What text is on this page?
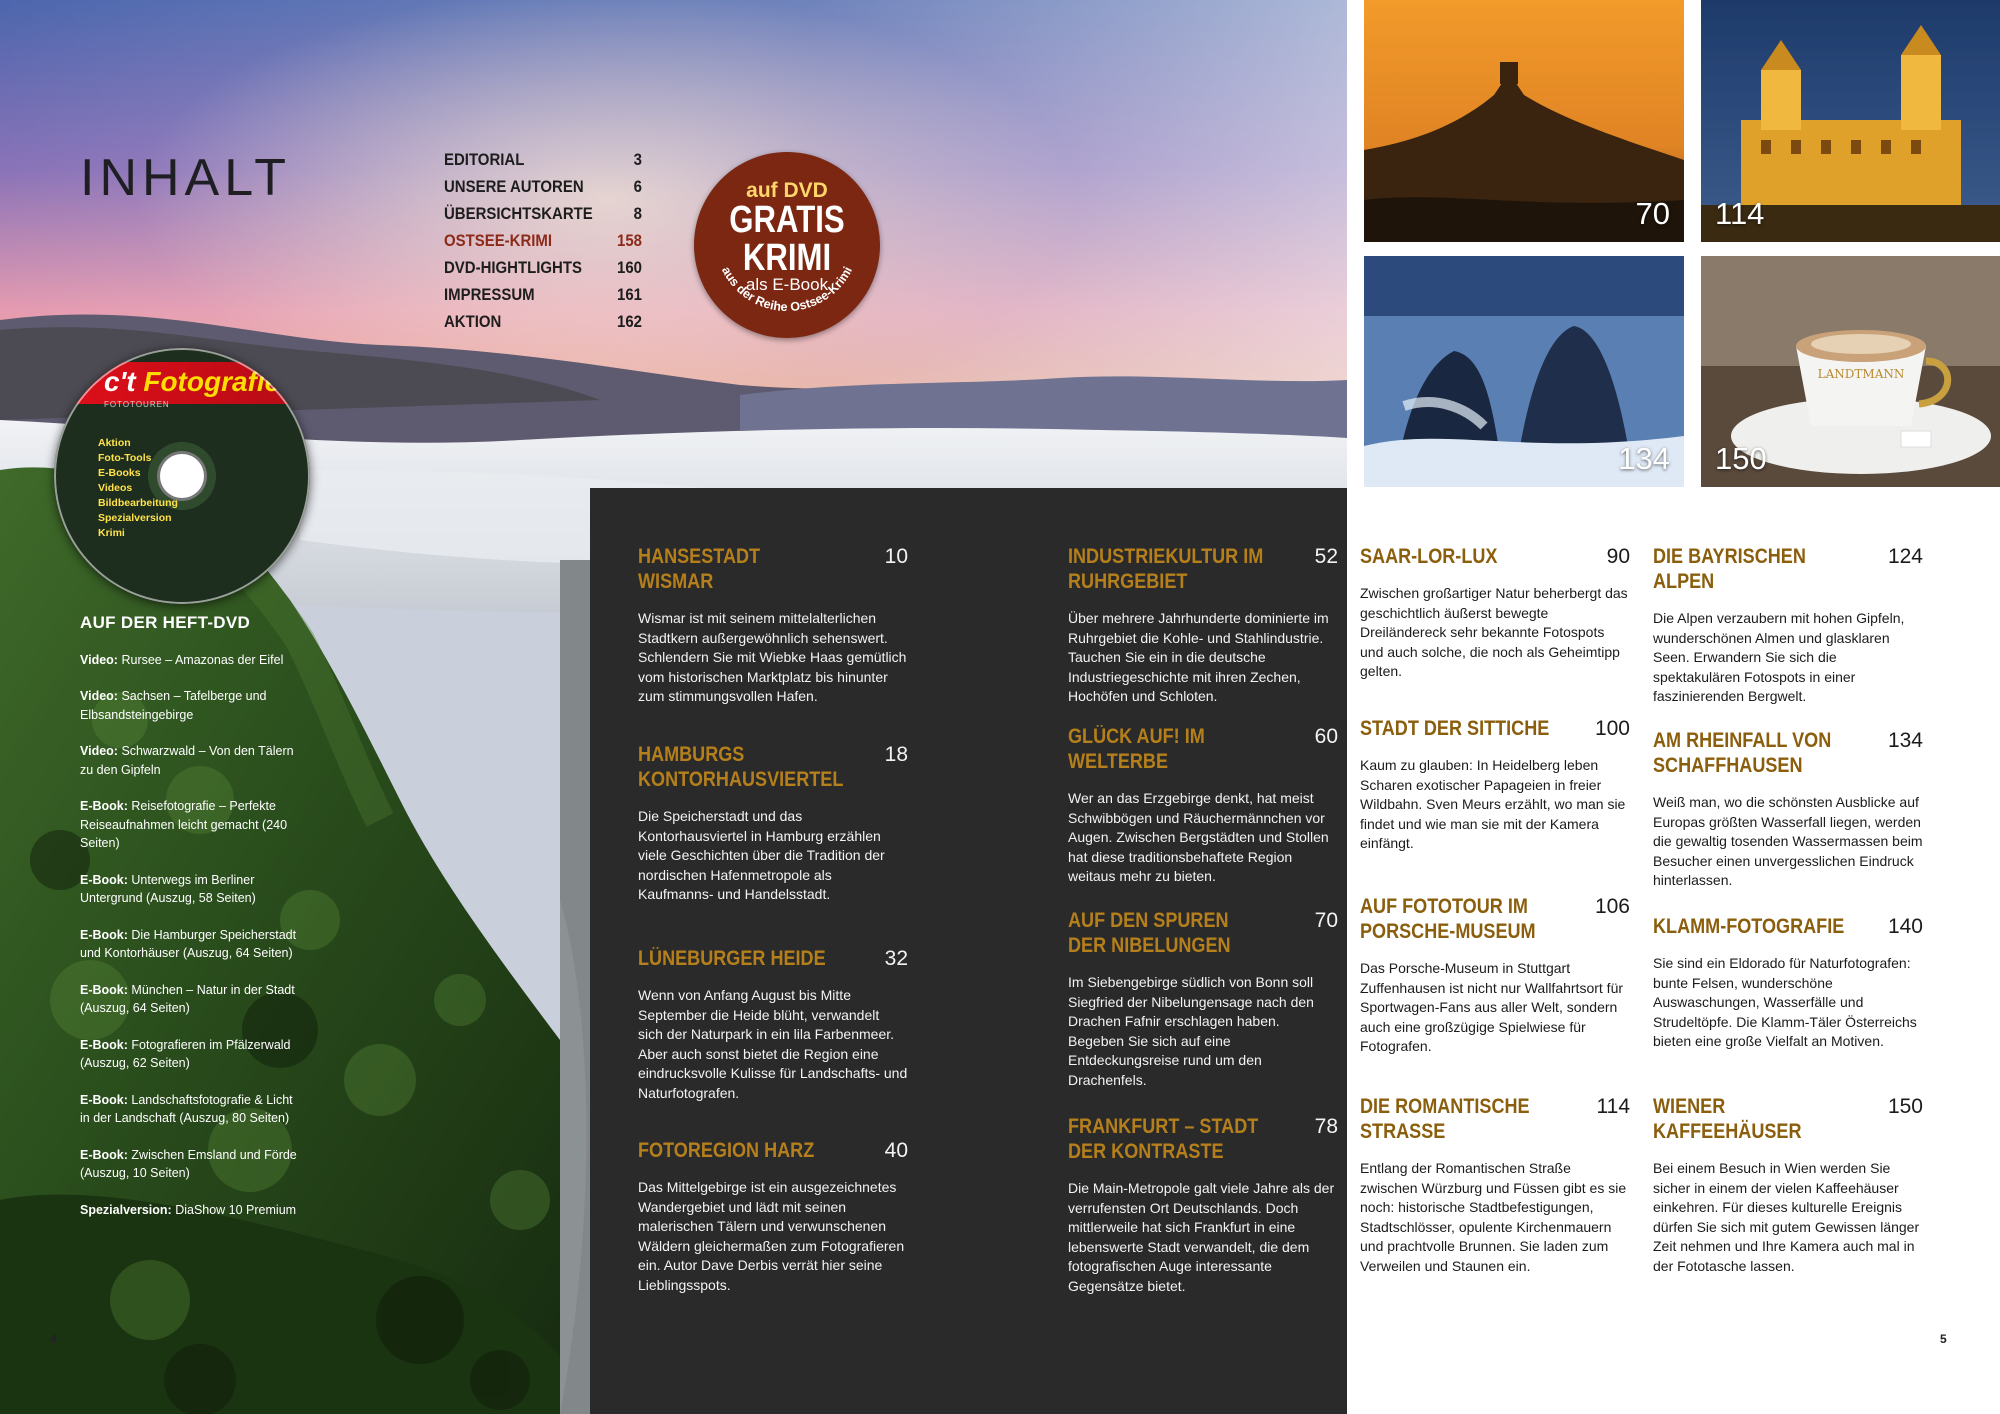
INHALT	EDITORIAL	3
UNSERE AUTOREN	6
ÜBERSICHTSKARTE 8
OSTSEE-KRIMI	158
DVD-HIGHTLIGHTS 160
IMPRESSUM	161
AKTION	162
auf DVD
GRATIS
KRIMI
als E-Book
aus der Reihe Ostsee-Krimi
c't Fotografie
FOTOTOUREN
Aktion
Foto-Tools
E-Books
Videos
Bildbearbeitung
Spezialversion
Krimi
AUF DER HEFT-DVD
Video: Rursee – Amazonas der Eifel
Video: Sachsen – Tafelberge und Elbsandsteingebirge
Video: Schwarzwald – Von den Tälern zu den Gipfeln
E-Book: Reisefotografie – Perfekte Reiseaufnahmen leicht gemacht (240 Seiten)
E-Book: Unterwegs im Berliner Untergrund (Auszug, 58 Seiten)
E-Book: Die Hamburger Speicherstadt und Kontorhäuser (Auszug, 64 Seiten)
E-Book: München – Natur in der Stadt (Auszug, 64 Seiten)
E-Book: Fotografieren im Pfälzerwald (Auszug, 62 Seiten)
E-Book: Landschaftsfotografie & Licht in der Landschaft (Auszug, 80 Seiten)
E-Book: Zwischen Emsland und Förde (Auszug, 10 Seiten)
Spezialversion: DiaShow 10 Premium
HANSESTADT WISMAR
10
Wismar ist mit seinem mittelalterlichen Stadtkern außergewöhnlich sehenswert. Schlendern Sie mit Wiebke Haas gemütlich vom historischen Marktplatz bis hinunter zum stimmungsvollen Hafen.
HAMBURGS KONTORHAUSVIERTEL
18
Die Speicherstadt und das Kontorhausviertel in Hamburg erzählen viele Geschichten über die Tradition der nordischen Hafenmetropole als Kaufmanns- und Handelsstadt.
LÜNEBURGER HEIDE	32
Wenn von Anfang August bis Mitte September die Heide blüht, verwandelt sich der Naturpark in ein lila Farbenmeer. Aber auch sonst bietet die Region eine eindrucksvolle Kulisse für Landschafts- und Naturfotografen.
FOTOREGION HARZ	40
Das Mittelgebirge ist ein ausgezeichnetes Wandergebiet und lädt mit seinen malerischen Tälern und verwunschenen Wäldern gleichermaßen zum Fotografieren ein. Autor Dave Derbis verrät hier seine Lieblingsspots.
INDUSTRIEKULTUR IM RUHRGEBIET
52
Über mehrere Jahrhunderte dominierte im Ruhrgebiet die Kohle- und Stahlindustrie. Tauchen Sie ein in die deutsche Industriegeschichte mit ihren Zechen, Hochöfen und Schloten.
GLÜCK AUF! IM WELTERBE
60
Wer an das Erzgebirge denkt, hat meist Schwibbögen und Räuchermännchen vor Augen. Zwischen Bergstädten und Stollen hat diese traditionsbehaftete Region weitaus mehr zu bieten.
AUF DEN SPUREN DER NIBELUNGEN
70
Im Siebengebirge südlich von Bonn soll Siegfried der Nibelungensage nach den Drachen Fafnir erschlagen haben. Begeben Sie sich auf eine Entdeckungsreise rund um den Drachenfels.
FRANKFURT – STADT DER KONTRASTE
78
Die Main-Metropole galt viele Jahre als der verrufensten Ort Deutschlands. Doch mittlerweile hat sich Frankfurt in eine lebenswerte Stadt verwandelt, die dem fotografischen Auge interessante Gegensätze bietet.
SAAR-LOR-LUX	90
Zwischen großartiger Natur beherbergt das geschichtlich äußerst bewegte Dreiländereck sehr bekannte Fotospots und auch solche, die noch als Geheimtipp gelten.
STADT DER SITTICHE	100
Kaum zu glauben: In Heidelberg leben Scharen exotischer Papageien in freier Wildbahn. Sven Meurs erzählt, wo man sie findet und wie man sie mit der Kamera einfängt.
AUF FOTOTOUR IM PORSCHE-MUSEUM
106
Das Porsche-Museum in Stuttgart Zuffenhausen ist nicht nur Wallfahrtsort für Sportwagen-Fans aus aller Welt, sondern auch eine großzügige Spielwiese für Fotografen.
DIE ROMANTISCHE STRASSE
114
Entlang der Romantischen Straße zwischen Würzburg und Füssen gibt es sie noch: historische Stadtbefestigungen, Stadtschlösser, opulente Kirchenmauern und prachtvolle Brunnen. Sie laden zum Verweilen und Staunen ein.
DIE BAYRISCHEN ALPEN
124
Die Alpen verzaubern mit hohen Gipfeln, wunderschönen Almen und glasklaren Seen. Erwandern Sie sich die spektakulären Fotospots in einer faszinierenden Bergwelt.
AM RHEINFALL VON SCHAFFHAUSEN
134
Weiß man, wo die schönsten Ausblicke auf Europas größten Wasserfall liegen, werden die gewaltig tosenden Wassermassen beim Besucher einen unvergesslichen Eindruck hinterlassen.
KLAMM-FOTOGRAFIE	140
Sie sind ein Eldorado für Naturfotografen: bunte Felsen, wunderschöne Auswaschungen, Wasserfälle und Strudeltöpfe. Die Klamm-Täler Österreichs bieten eine große Vielfalt an Motiven.
WIENER KAFFEEHÄUSER
150
Bei einem Besuch in Wien werden Sie sicher in einem der vielen Kaffeehäuser einkehren. Für dieses kulturelle Ereignis dürfen Sie sich mit gutem Gewissen länger Zeit nehmen und Ihre Kamera auch mal in der Fototasche lassen.
70 114
134
LANDTMANN
150
4	5
